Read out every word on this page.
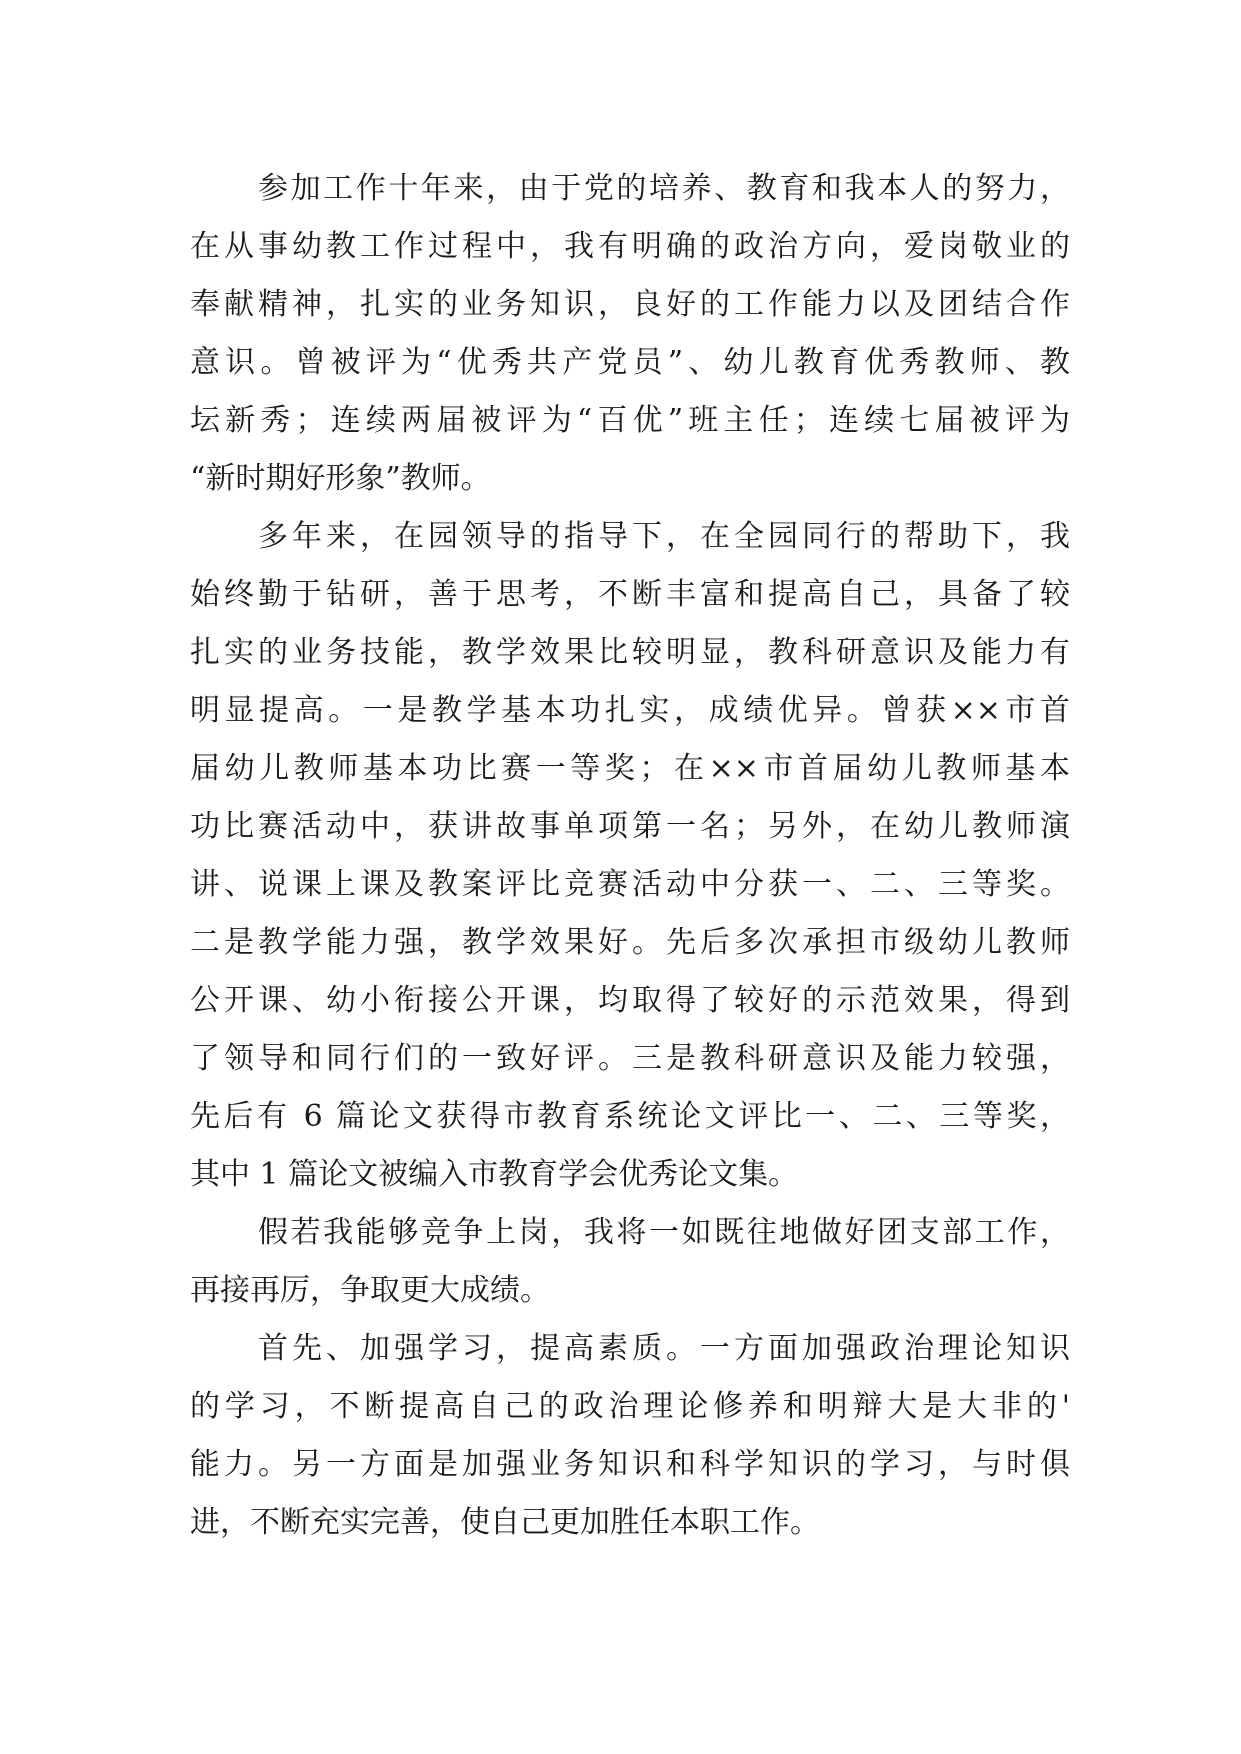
参加工作十年来，由于党的培养、教育和我本人的努力，
在从事幼教工作过程中，我有明确的政治方向，爱岗敬业的
奉献精神，扎实的业务知识，良好的工作能力以及团结合作
意识。曾被评为“优秀共产党员”、幼儿教育优秀教师、教
坛新秀；连续两届被评为“百优”班主任；连续七届被评为
“新时期好形象”教师。
多年来，在园领导的指导下，在全园同行的帮助下，我
始终勤于钻研，善于思考，不断丰富和提高自己，具备了较
扎实的业务技能，教学效果比较明显，教科研意识及能力有
明显提高。一是教学基本功扎实，成绩优异。曾获××市首
届幼儿教师基本功比赛一等奖；在××市首届幼儿教师基本
功比赛活动中，获讲故事单项第一名；另外，在幼儿教师演
讲、说课上课及教案评比竞赛活动中分获一、二、三等奖。
二是教学能力强，教学效果好。先后多次承担市级幼儿教师
公开课、幼小衔接公开课，均取得了较好的示范效果，得到
了领导和同行们的一致好评。三是教科研意识及能力较强，
先后有 6 篇论文获得市教育系统论文评比一、二、三等奖，
其中 1 篇论文被编入市教育学会优秀论文集。
假若我能够竞争上岗，我将一如既往地做好团支部工作，
再接再厉，争取更大成绩。
首先、加强学习，提高素质。一方面加强政治理论知识
的学习，不断提高自己的政治理论修养和明辩大是大非的'
能力。另一方面是加强业务知识和科学知识的学习，与时俱
进，不断充实完善，使自己更加胜任本职工作。
